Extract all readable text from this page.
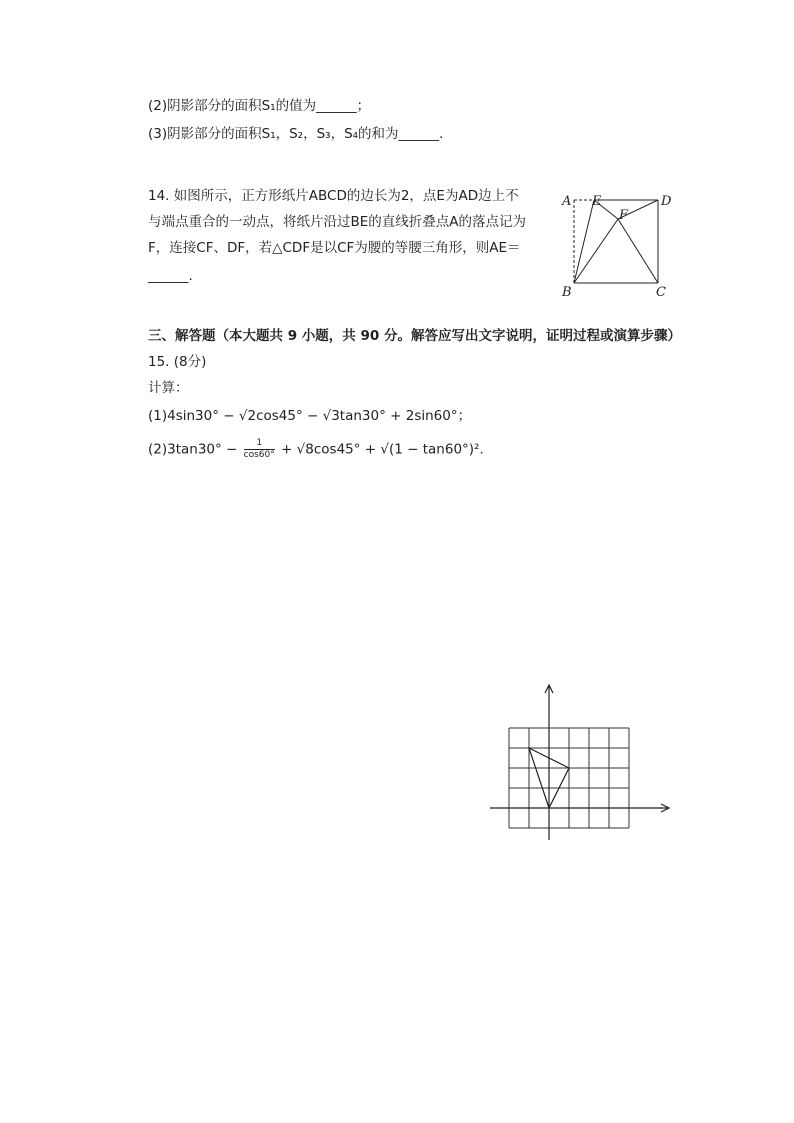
(2)阴影部分的面积S₁的值为______；
(3)阴影部分的面积S₁，S₂，S₃，S₄的和为______.
14. 如图所示，正方形纸片ABCD的边长为2，点E为AD边上不
与端点重合的一动点，将纸片沿过BE的直线折叠点A的落点记为
F，连接CF、DF，若△CDF是以CF为腰的等腰三角形，则AE＝
______.
A E	D
F
B	C
三、解答题（本大题共 9 小题，共 90 分。解答应写出文字说明，证明过程或演算步骤）
15. (8分)
计算：
(1)4sin30° − √2cos45° − √3tan30° + 2sin60°；
$(2)3\tan 30^\circ - \frac{1}{\cos 60^\circ} + √8\cos 45^\circ + √(1 - \tan 60^\circ)^2$.
